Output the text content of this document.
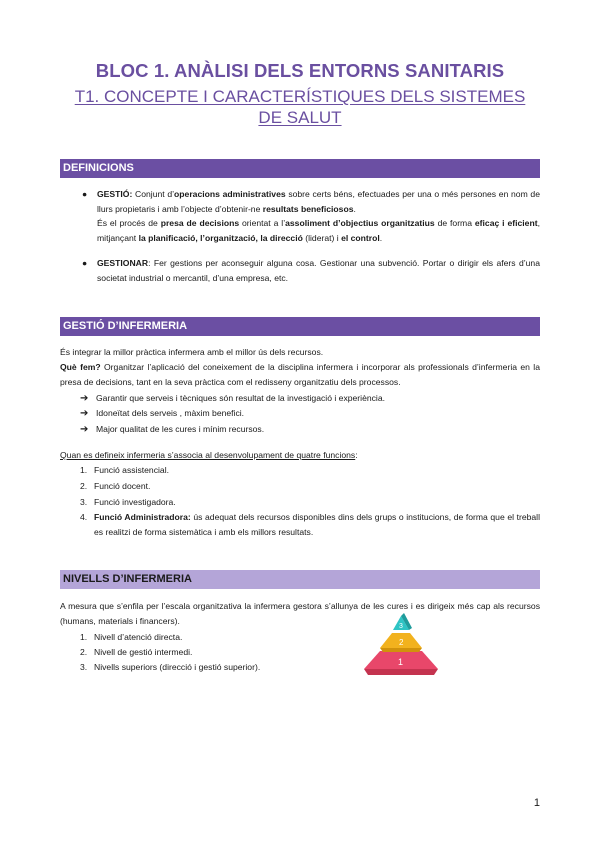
BLOC 1. ANÀLISI DELS ENTORNS SANITARIS
T1. CONCEPTE I CARACTERÍSTIQUES DELS SISTEMES
DE SALUT
DEFINICIONS
● GESTIÓ: Conjunt d’operacions administratives sobre certs béns, efectuades per una o més persones en nom de llurs propietaris i amb l’objecte d’obtenir-ne resultats beneficiosos.
És el procés de presa de decisions orientat a l’assoliment d’objectius organitzatius de forma eficaç i eficient, mitjançant la planificació, l’organització, la direcció (liderat) i el control.
● GESTIONAR: Fer gestions per aconseguir alguna cosa. Gestionar una subvenció. Portar o dirigir els afers d’una societat industrial o mercantil, d’una empresa, etc.
GESTIÓ D’INFERMERIA
És integrar la millor pràctica infermera amb el millor ús dels recursos.
Què fem? Organitzar l’aplicació del coneixement de la disciplina infermera i incorporar als professionals d’infermeria en la presa de decisions, tant en la seva pràctica com el redisseny organitzatiu dels processos.
➔ Garantir que serveis i tècniques són resultat de la investigació i experiència.
➔ Idoneïtat dels serveis , màxim benefici.
➔ Major qualitat de les cures i mínim recursos.
Quan es defineix infermeria s’associa al desenvolupament de quatre funcions:
1. Funció assistencial.
2. Funció docent.
3. Funció investigadora.
4. Funció Administradora: ús adequat dels recursos disponibles dins dels grups o institucions, de forma que el treball es realitzi de forma sistemàtica i amb els millors resultats.
NIVELLS D’INFERMERIA
A mesura que s’enfila per l’escala organitzativa la infermera gestora s’allunya de les cures i es dirigeix més cap als recursos (humans, materials i financers).
1. Nivell d’atenció directa.
2. Nivell de gestió intermedi.
3. Nivells superiors (direcció i gestió superior).
3
2
1
1
